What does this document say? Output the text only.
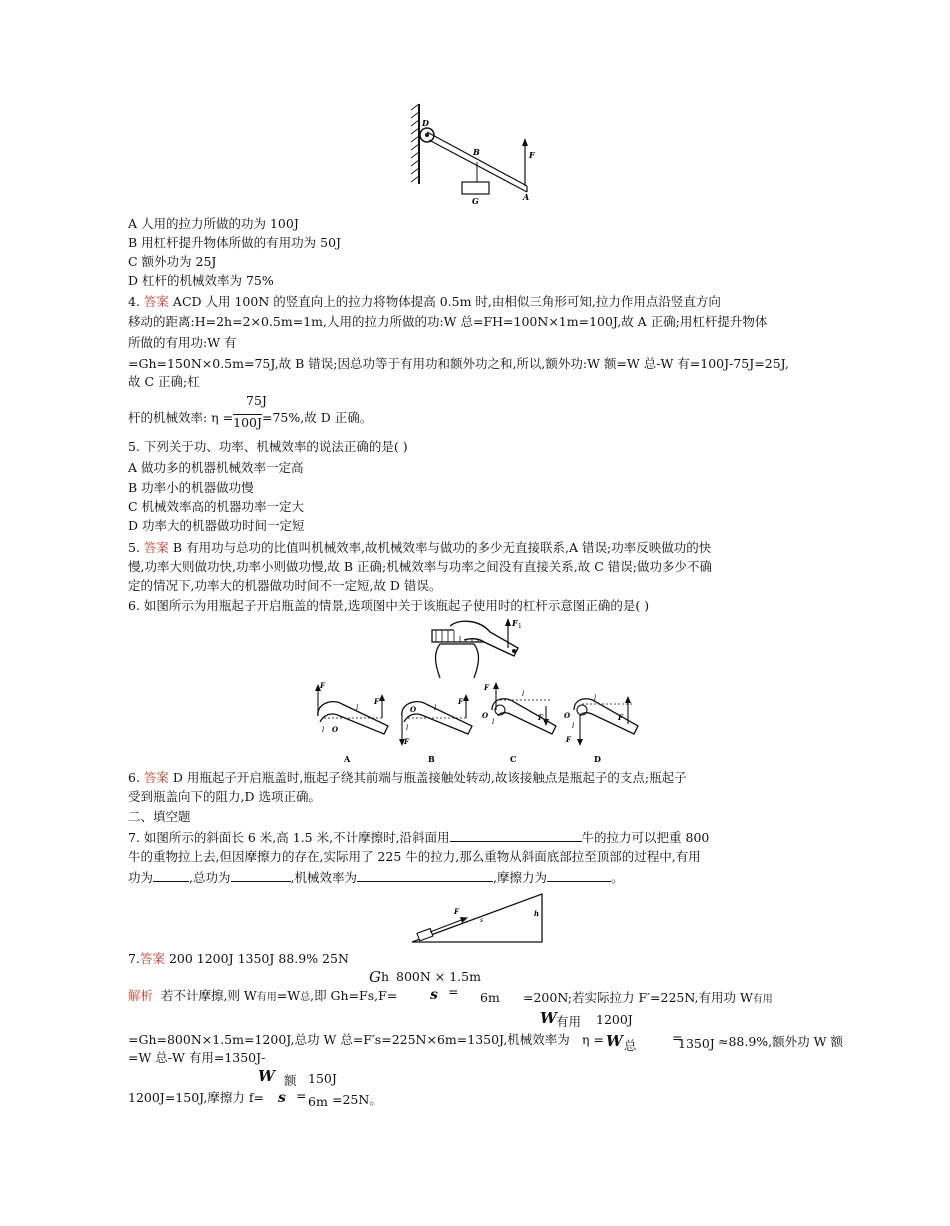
D
B	F
A
G
A 人用的拉力所做的功为 100J
B 用杠杆提升物体所做的有用功为 50J
C 额外功为 25J
D 杠杆的机械效率为 75%
4. 答案 ACD 人用 100N 的竖直向上的拉力将物体提高 0.5m 时,由相似三角形可知,拉力作用点沿竖直方向
移动的距离:H=2h=2×0.5m=1m,人用的拉力所做的功:W 总=FH=100N×1m=100J,故 A 正确;用杠杆提升物体
所做的有用功:W 有
=Gh=150N×0.5m=75J,故 B 错误;因总功等于有用功和额外功之和,所以,额外功:W 额=W 总-W 有=100J-75J=25J,
故 C 正确;杠
75J
杆的机械效率: η =100J=75%,故 D 正确。
5. 下列关于功、功率、机械效率的说法正确的是( )
A 做功多的机器机械效率一定高
B 功率小的机器做功慢
C 机械效率高的机器功率一定大
D 功率大的机器做功时间一定短
5. 答案 B 有用功与总功的比值叫机械效率,故机械效率与做功的多少无直接联系,A 错误;功率反映做功的快
慢,功率大则做功快,功率小则做功慢,故 B 正确;机械效率与功率之间没有直接关系,故 C 错误;做功多少不确
定的情况下,功率大的机器做功时间不一定短,故 D 错误。
6. 如图所示为用瓶起子开启瓶盖的情景,选项图中关于该瓶起子使用时的杠杆示意图正确的是( )
F 1
F
F
l
l O
A
F
F
l
l
O
B
F
F
l
l
O
C
F
F
l
l
O
D
6. 答案 D 用瓶起子开启瓶盖时,瓶起子绕其前端与瓶盖接触处转动,故该接触点是瓶起子的支点;瓶起子
受到瓶盖向下的阻力,D 选项正确。
二、填空题
7. 如图所示的斜面长 6 米,高 1.5 米,不计摩擦时,沿斜面用	牛的拉力可以把重 800
牛的重物拉上去,但因摩擦力的存在,实际用了 225 牛的拉力,那么重物从斜面底部拉至顶部的过程中,有用
功为	,总功为	,机械效率为	,摩擦力为	。
F
s
h
7.答案 200 1200J 1350J 88.9% 25N
G h 800N × 1.5m
解析 若不计摩擦,则 W有用=W总,即 Gh=Fs,F= s = 6m =200N;若实际拉力 F′=225N,有用功 W有用
W 有用 1200J
=Gh=800N×1.5m=1200J,总功 W 总=F′s=225N×6m=1350J,机械效率为 η = W 总
=
1350J ≈88.9%,额外功 W 额
=W 总-W 有用=1350J-
W 额 150J
1200J=150J,摩擦力 f= s = 6m =25N。
